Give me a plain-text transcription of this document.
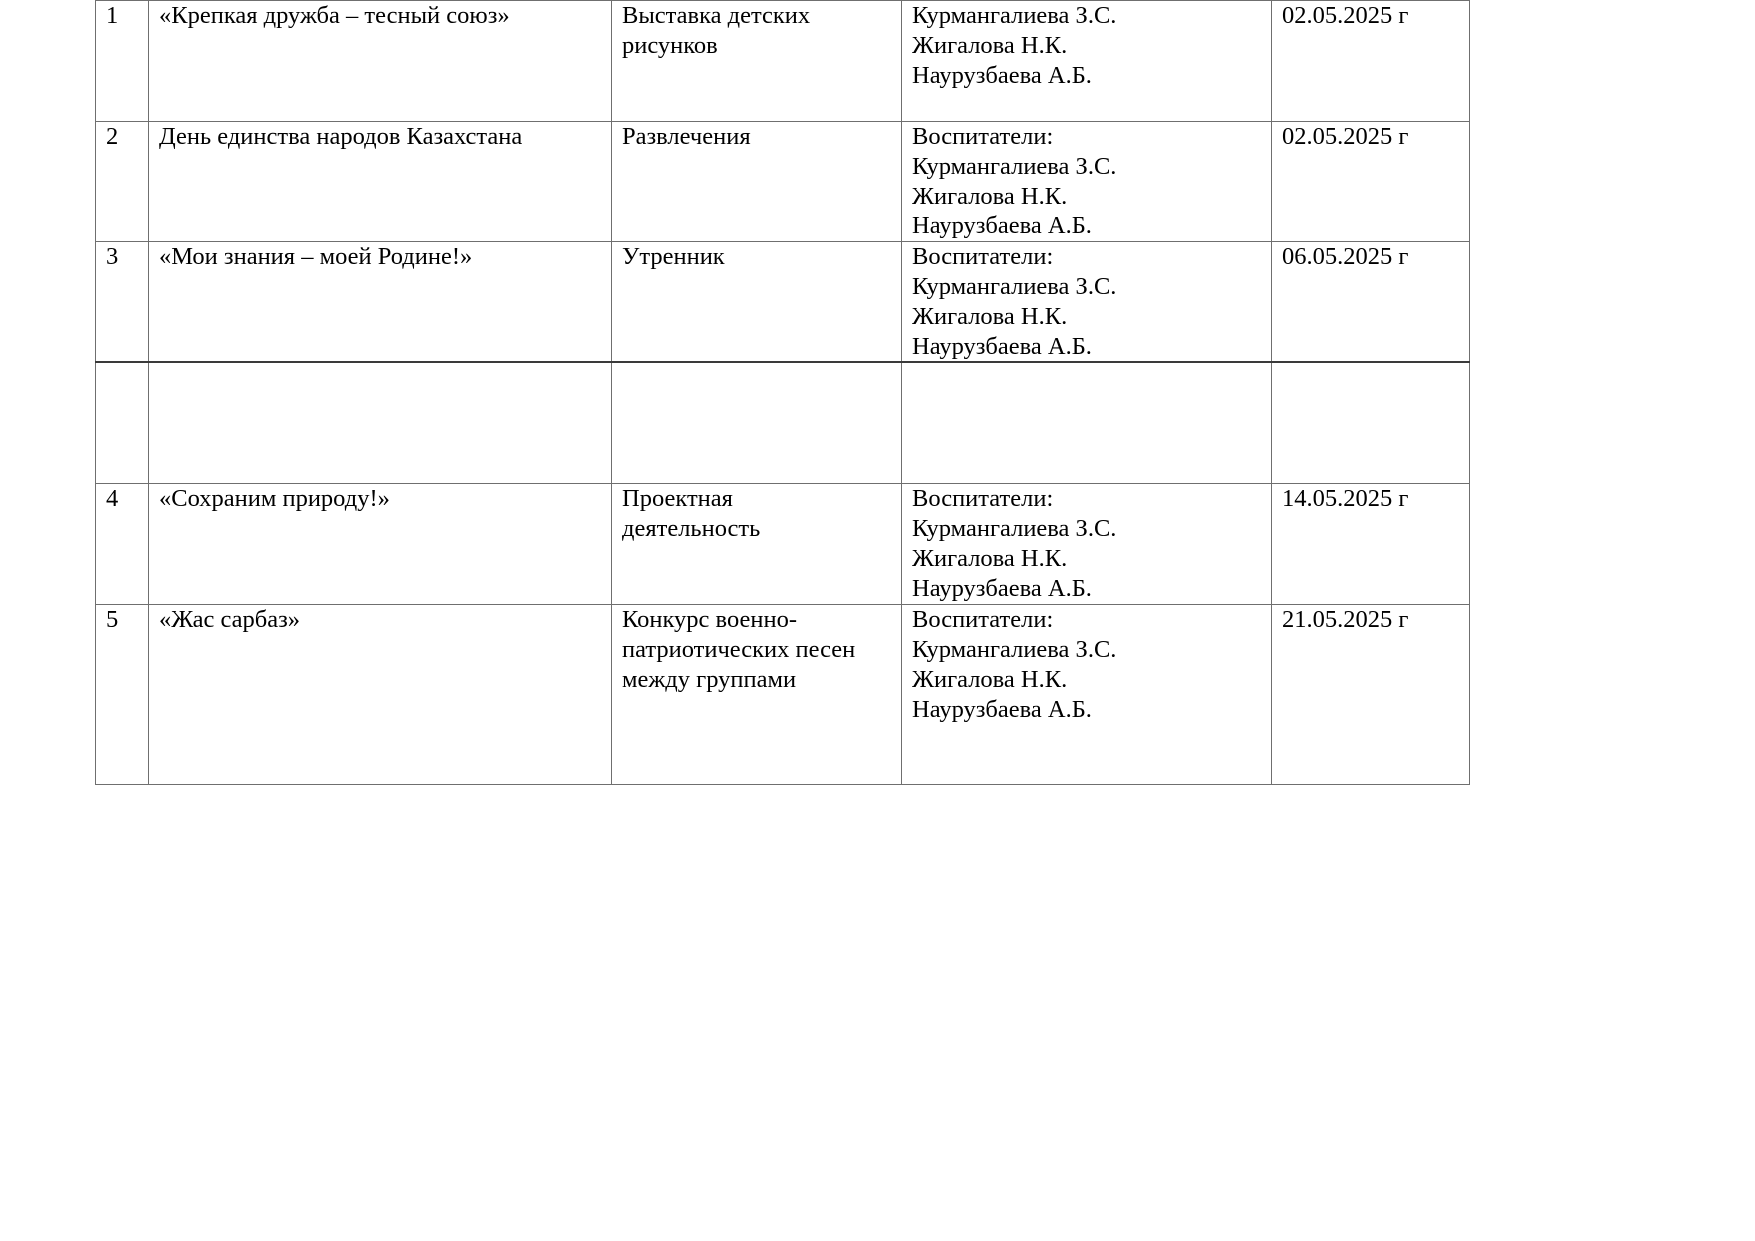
1	«Крепкая дружба – тесный союз»	Выставка детских
рисунков	Курмангалиева З.С.
Жигалова Н.К.
Наурузбаева А.Б.	02.05.2025 г
2	День единства народов Казахстана	Развлечения	Воспитатели:
Курмангалиева З.С.
Жигалова Н.К.
Наурузбаева А.Б.	02.05.2025 г
3	«Мои знания – моей Родине!»	Утренник	Воспитатели:
Курмангалиева З.С.
Жигалова Н.К.
Наурузбаева А.Б.	06.05.2025 г

4	«Сохраним природу!»	Проектная
деятельность	Воспитатели:
Курмангалиева З.С.
Жигалова Н.К.
Наурузбаева А.Б.	14.05.2025 г
5	«Жас сарбаз»	Конкурс военно-
патриотических песен
между группами	Воспитатели:
Курмангалиева З.С.
Жигалова Н.К.
Наурузбаева А.Б.	21.05.2025 г
